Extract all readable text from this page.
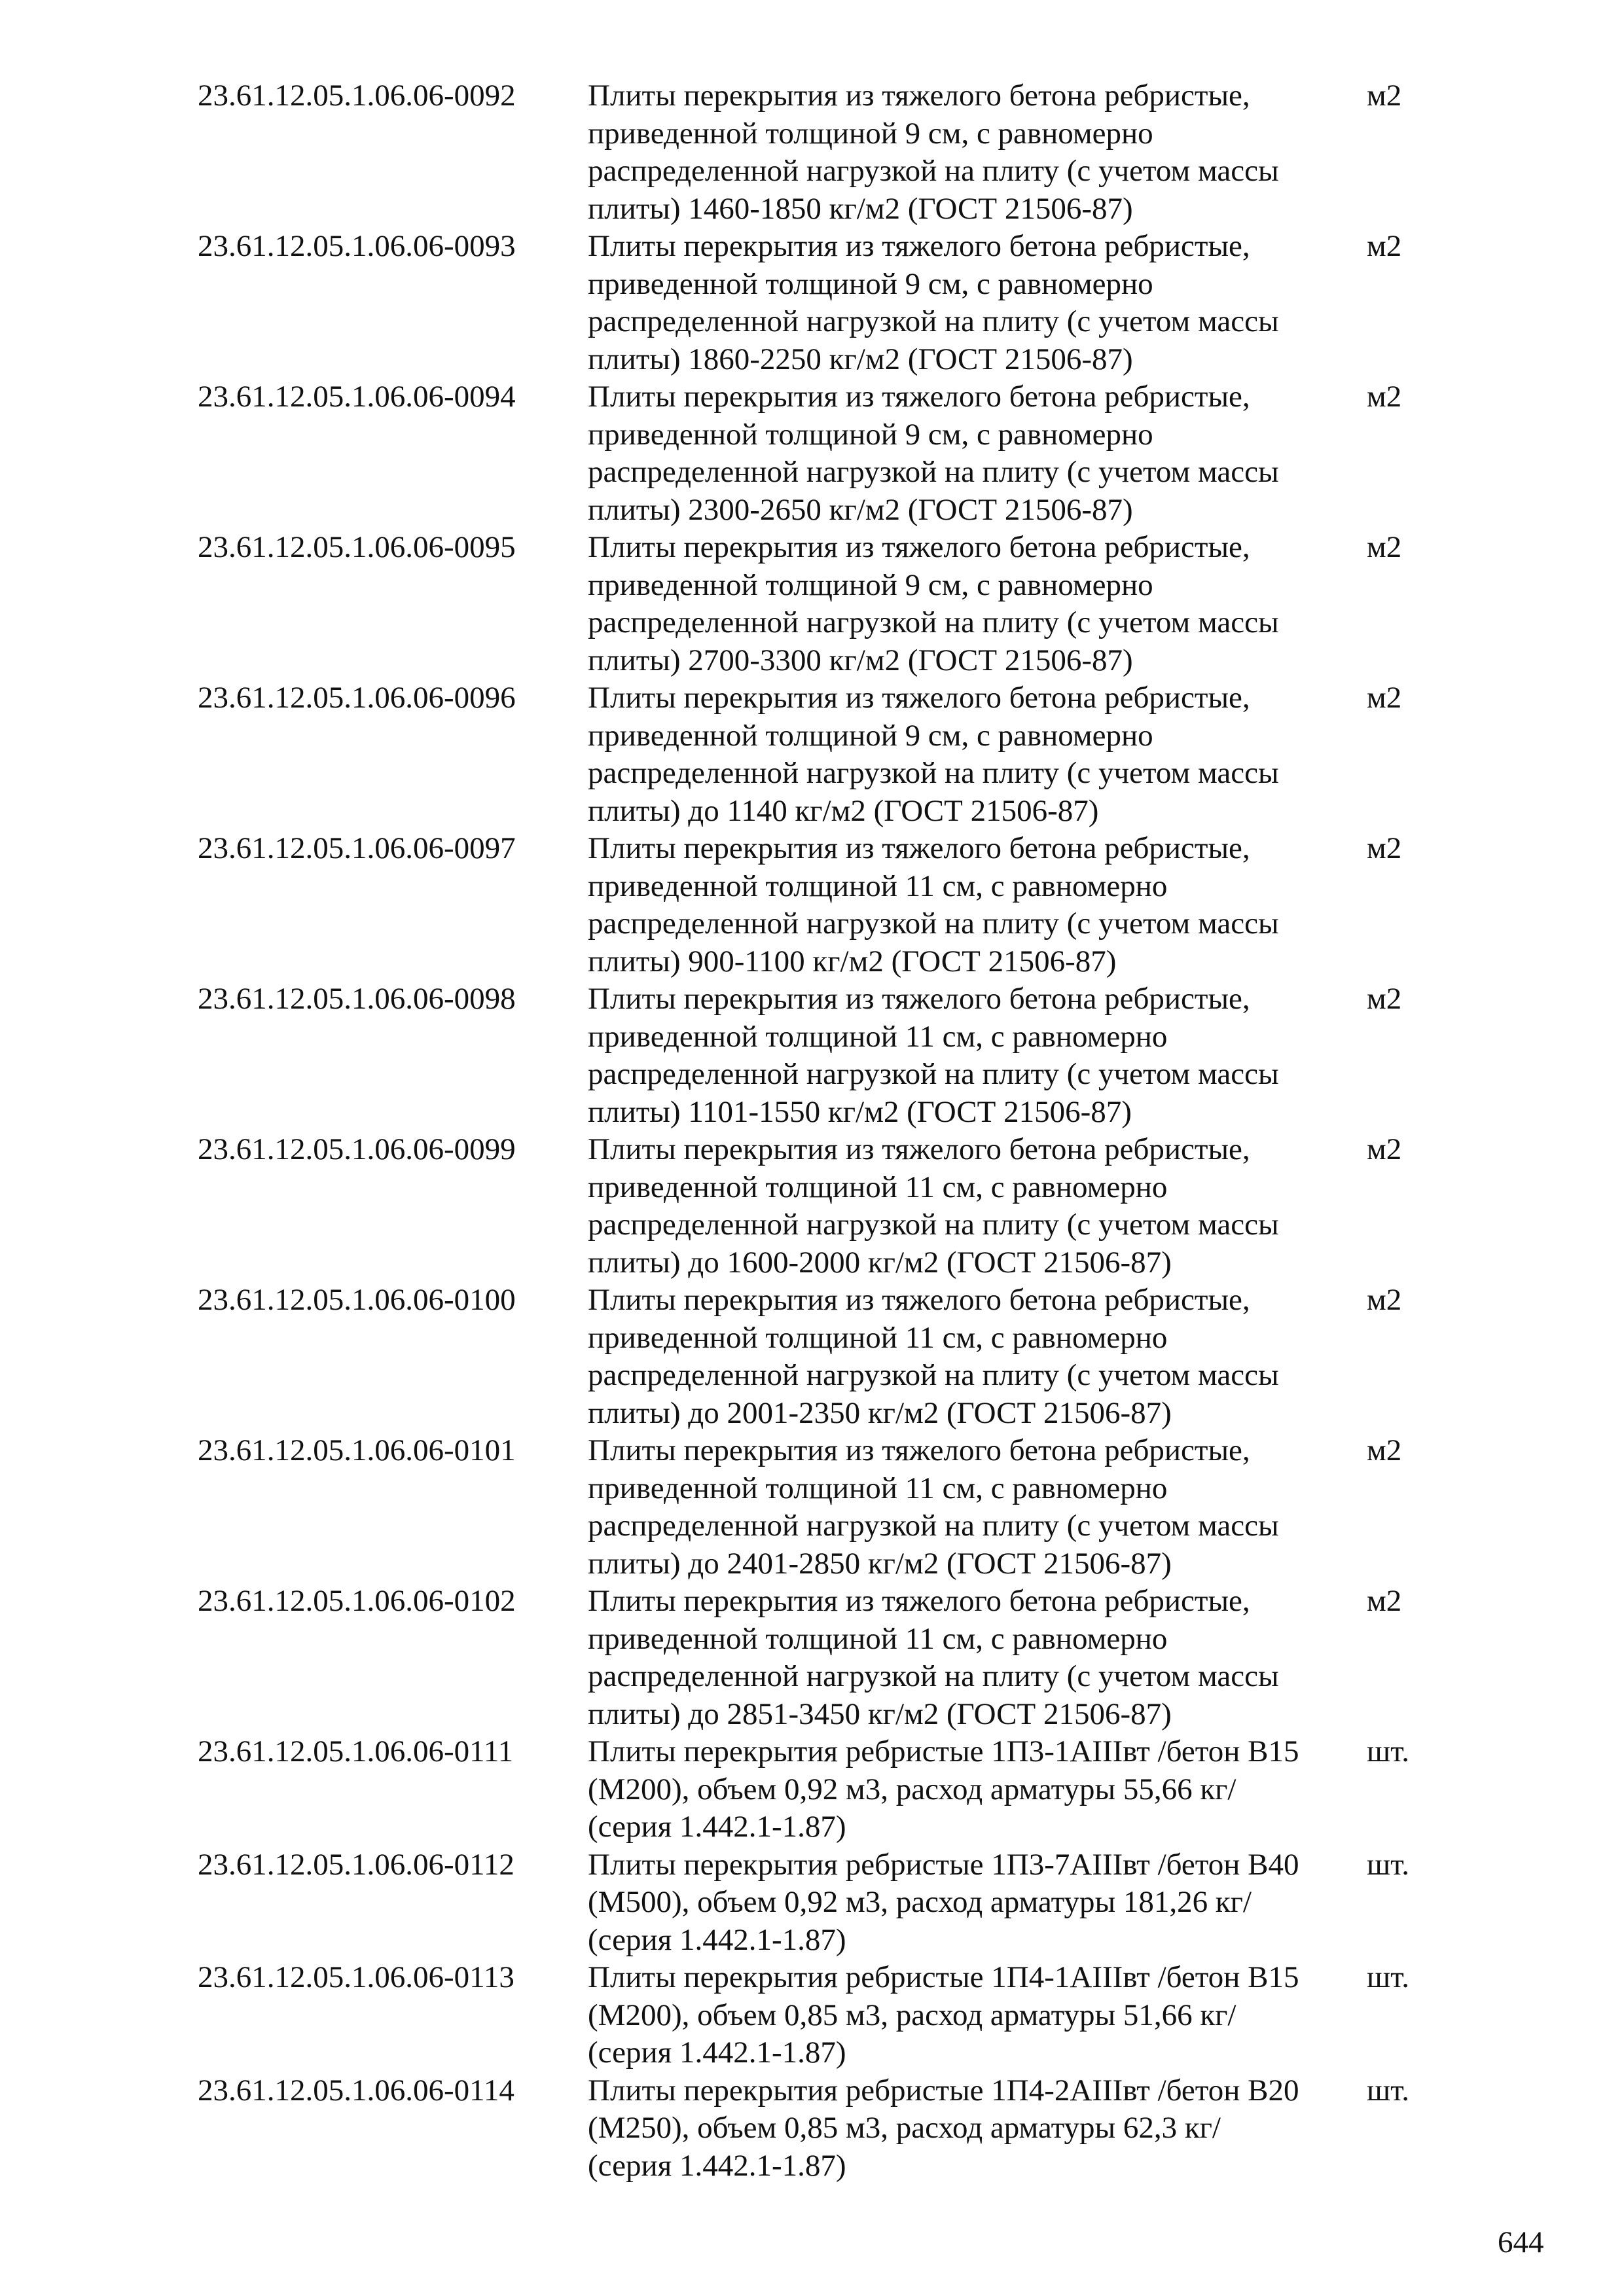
23.61.12.05.1.06.06-0092	Плиты перекрытия из тяжелого бетона ребристые,
приведенной толщиной 9 см, с равномерно
распределенной нагрузкой на плиту (с учетом массы
плиты) 1460-1850 кг/м2 (ГОСТ 21506-87)
м2
23.61.12.05.1.06.06-0093	Плиты перекрытия из тяжелого бетона ребристые,
приведенной толщиной 9 см, с равномерно
распределенной нагрузкой на плиту (с учетом массы
плиты) 1860-2250 кг/м2 (ГОСТ 21506-87)
м2
23.61.12.05.1.06.06-0094	Плиты перекрытия из тяжелого бетона ребристые,
приведенной толщиной 9 см, с равномерно
распределенной нагрузкой на плиту (с учетом массы
плиты) 2300-2650 кг/м2 (ГОСТ 21506-87)
м2
23.61.12.05.1.06.06-0095	Плиты перекрытия из тяжелого бетона ребристые,
приведенной толщиной 9 см, с равномерно
распределенной нагрузкой на плиту (с учетом массы
плиты) 2700-3300 кг/м2 (ГОСТ 21506-87)
м2
23.61.12.05.1.06.06-0096	Плиты перекрытия из тяжелого бетона ребристые,
приведенной толщиной 9 см, с равномерно
распределенной нагрузкой на плиту (с учетом массы
плиты) до 1140 кг/м2 (ГОСТ 21506-87)
м2
23.61.12.05.1.06.06-0097	Плиты перекрытия из тяжелого бетона ребристые,
приведенной толщиной 11 см, с равномерно
распределенной нагрузкой на плиту (с учетом массы
плиты) 900-1100 кг/м2 (ГОСТ 21506-87)
м2
23.61.12.05.1.06.06-0098	Плиты перекрытия из тяжелого бетона ребристые,
приведенной толщиной 11 см, с равномерно
распределенной нагрузкой на плиту (с учетом массы
плиты) 1101-1550 кг/м2 (ГОСТ 21506-87)
м2
23.61.12.05.1.06.06-0099	Плиты перекрытия из тяжелого бетона ребристые,
приведенной толщиной 11 см, с равномерно
распределенной нагрузкой на плиту (с учетом массы
плиты) до 1600-2000 кг/м2 (ГОСТ 21506-87)
м2
23.61.12.05.1.06.06-0100	Плиты перекрытия из тяжелого бетона ребристые,
приведенной толщиной 11 см, с равномерно
распределенной нагрузкой на плиту (с учетом массы
плиты) до 2001-2350 кг/м2 (ГОСТ 21506-87)
м2
23.61.12.05.1.06.06-0101	Плиты перекрытия из тяжелого бетона ребристые,
приведенной толщиной 11 см, с равномерно
распределенной нагрузкой на плиту (с учетом массы
плиты) до 2401-2850 кг/м2 (ГОСТ 21506-87)
м2
23.61.12.05.1.06.06-0102	Плиты перекрытия из тяжелого бетона ребристые,
приведенной толщиной 11 см, с равномерно
распределенной нагрузкой на плиту (с учетом массы
плиты) до 2851-3450 кг/м2 (ГОСТ 21506-87)
м2
23.61.12.05.1.06.06-0111	Плиты перекрытия ребристые 1П3-1АIIIвт /бетон В15
(М200), объем 0,92 м3, расход арматуры 55,66 кг/
(серия 1.442.1-1.87)
шт.
23.61.12.05.1.06.06-0112	Плиты перекрытия ребристые 1П3-7АIIIвт /бетон В40
(М500), объем 0,92 м3, расход арматуры 181,26 кг/
(серия 1.442.1-1.87)
шт.
23.61.12.05.1.06.06-0113	Плиты перекрытия ребристые 1П4-1АIIIвт /бетон В15
(М200), объем 0,85 м3, расход арматуры 51,66 кг/
(серия 1.442.1-1.87)
шт.
23.61.12.05.1.06.06-0114	Плиты перекрытия ребристые 1П4-2АIIIвт /бетон В20
(М250), объем 0,85 м3, расход арматуры 62,3 кг/
(серия 1.442.1-1.87)
шт.
644
